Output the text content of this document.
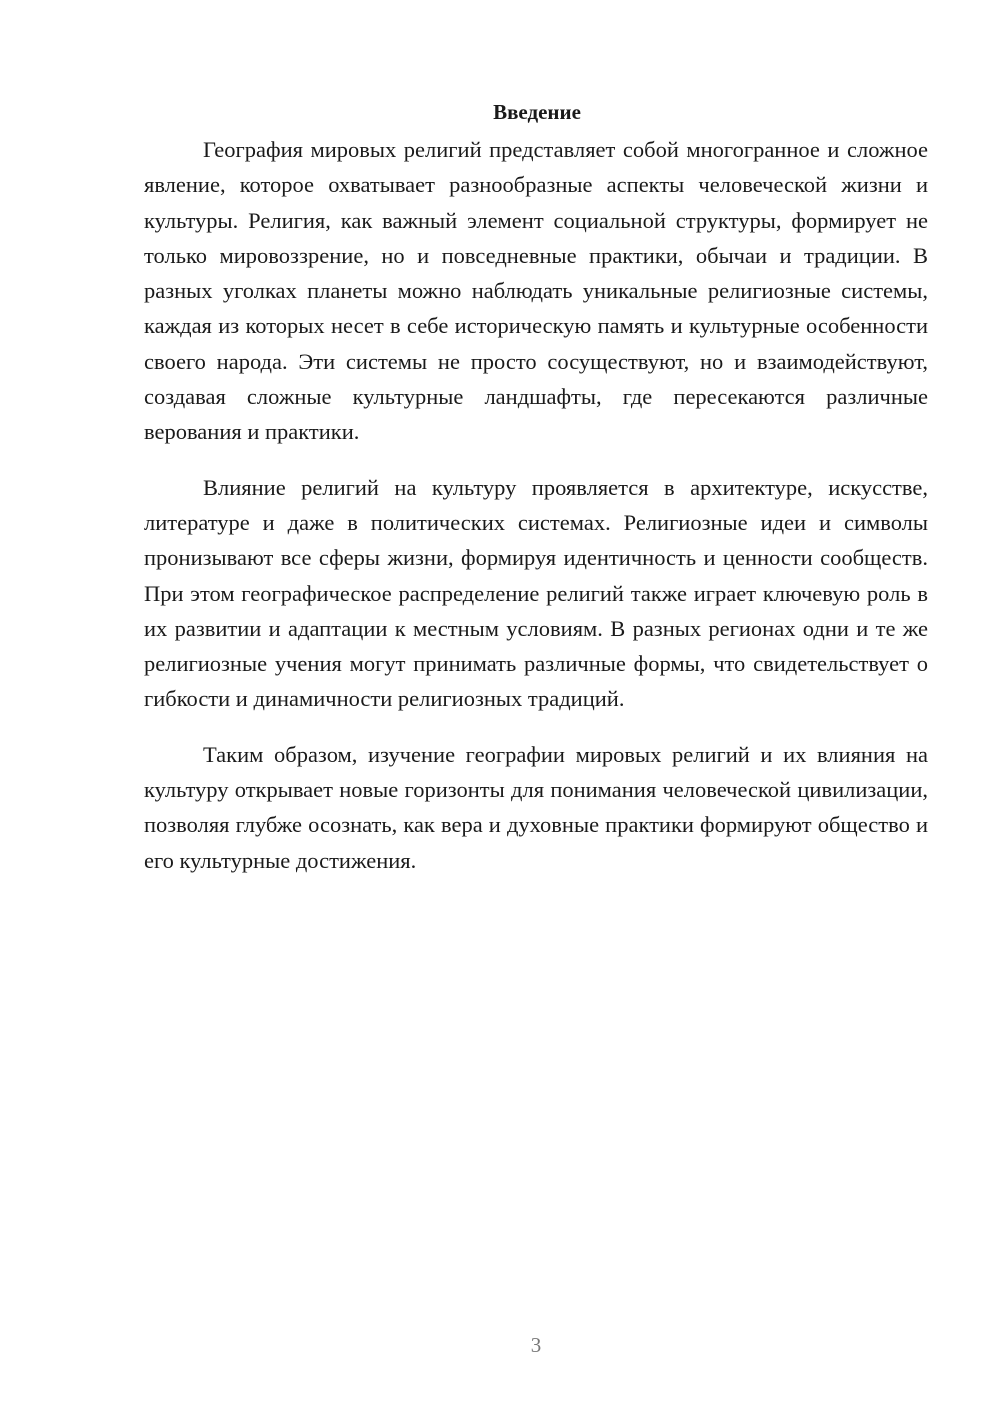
Введение

География мировых религий представляет собой многогранное и сложное явление, которое охватывает разнообразные аспекты человеческой жизни и культуры. Религия, как важный элемент социальной структуры, формирует не только мировоззрение, но и повседневные практики, обычаи и традиции. В разных уголках планеты можно наблюдать уникальные религиозные системы, каждая из которых несет в себе историческую память и культурные особенности своего народа. Эти системы не просто сосуществуют, но и взаимодействуют, создавая сложные культурные ландшафты, где пересекаются различные верования и практики.

Влияние религий на культуру проявляется в архитектуре, искусстве, литературе и даже в политических системах. Религиозные идеи и символы пронизывают все сферы жизни, формируя идентичность и ценности сообществ. При этом географическое распределение религий также играет ключевую роль в их развитии и адаптации к местным условиям. В разных регионах одни и те же религиозные учения могут принимать различные формы, что свидетельствует о гибкости и динамичности религиозных традиций.

Таким образом, изучение географии мировых религий и их влияния на культуру открывает новые горизонты для понимания человеческой цивилизации, позволяя глубже осознать, как вера и духовные практики формируют общество и его культурные достижения.

3
